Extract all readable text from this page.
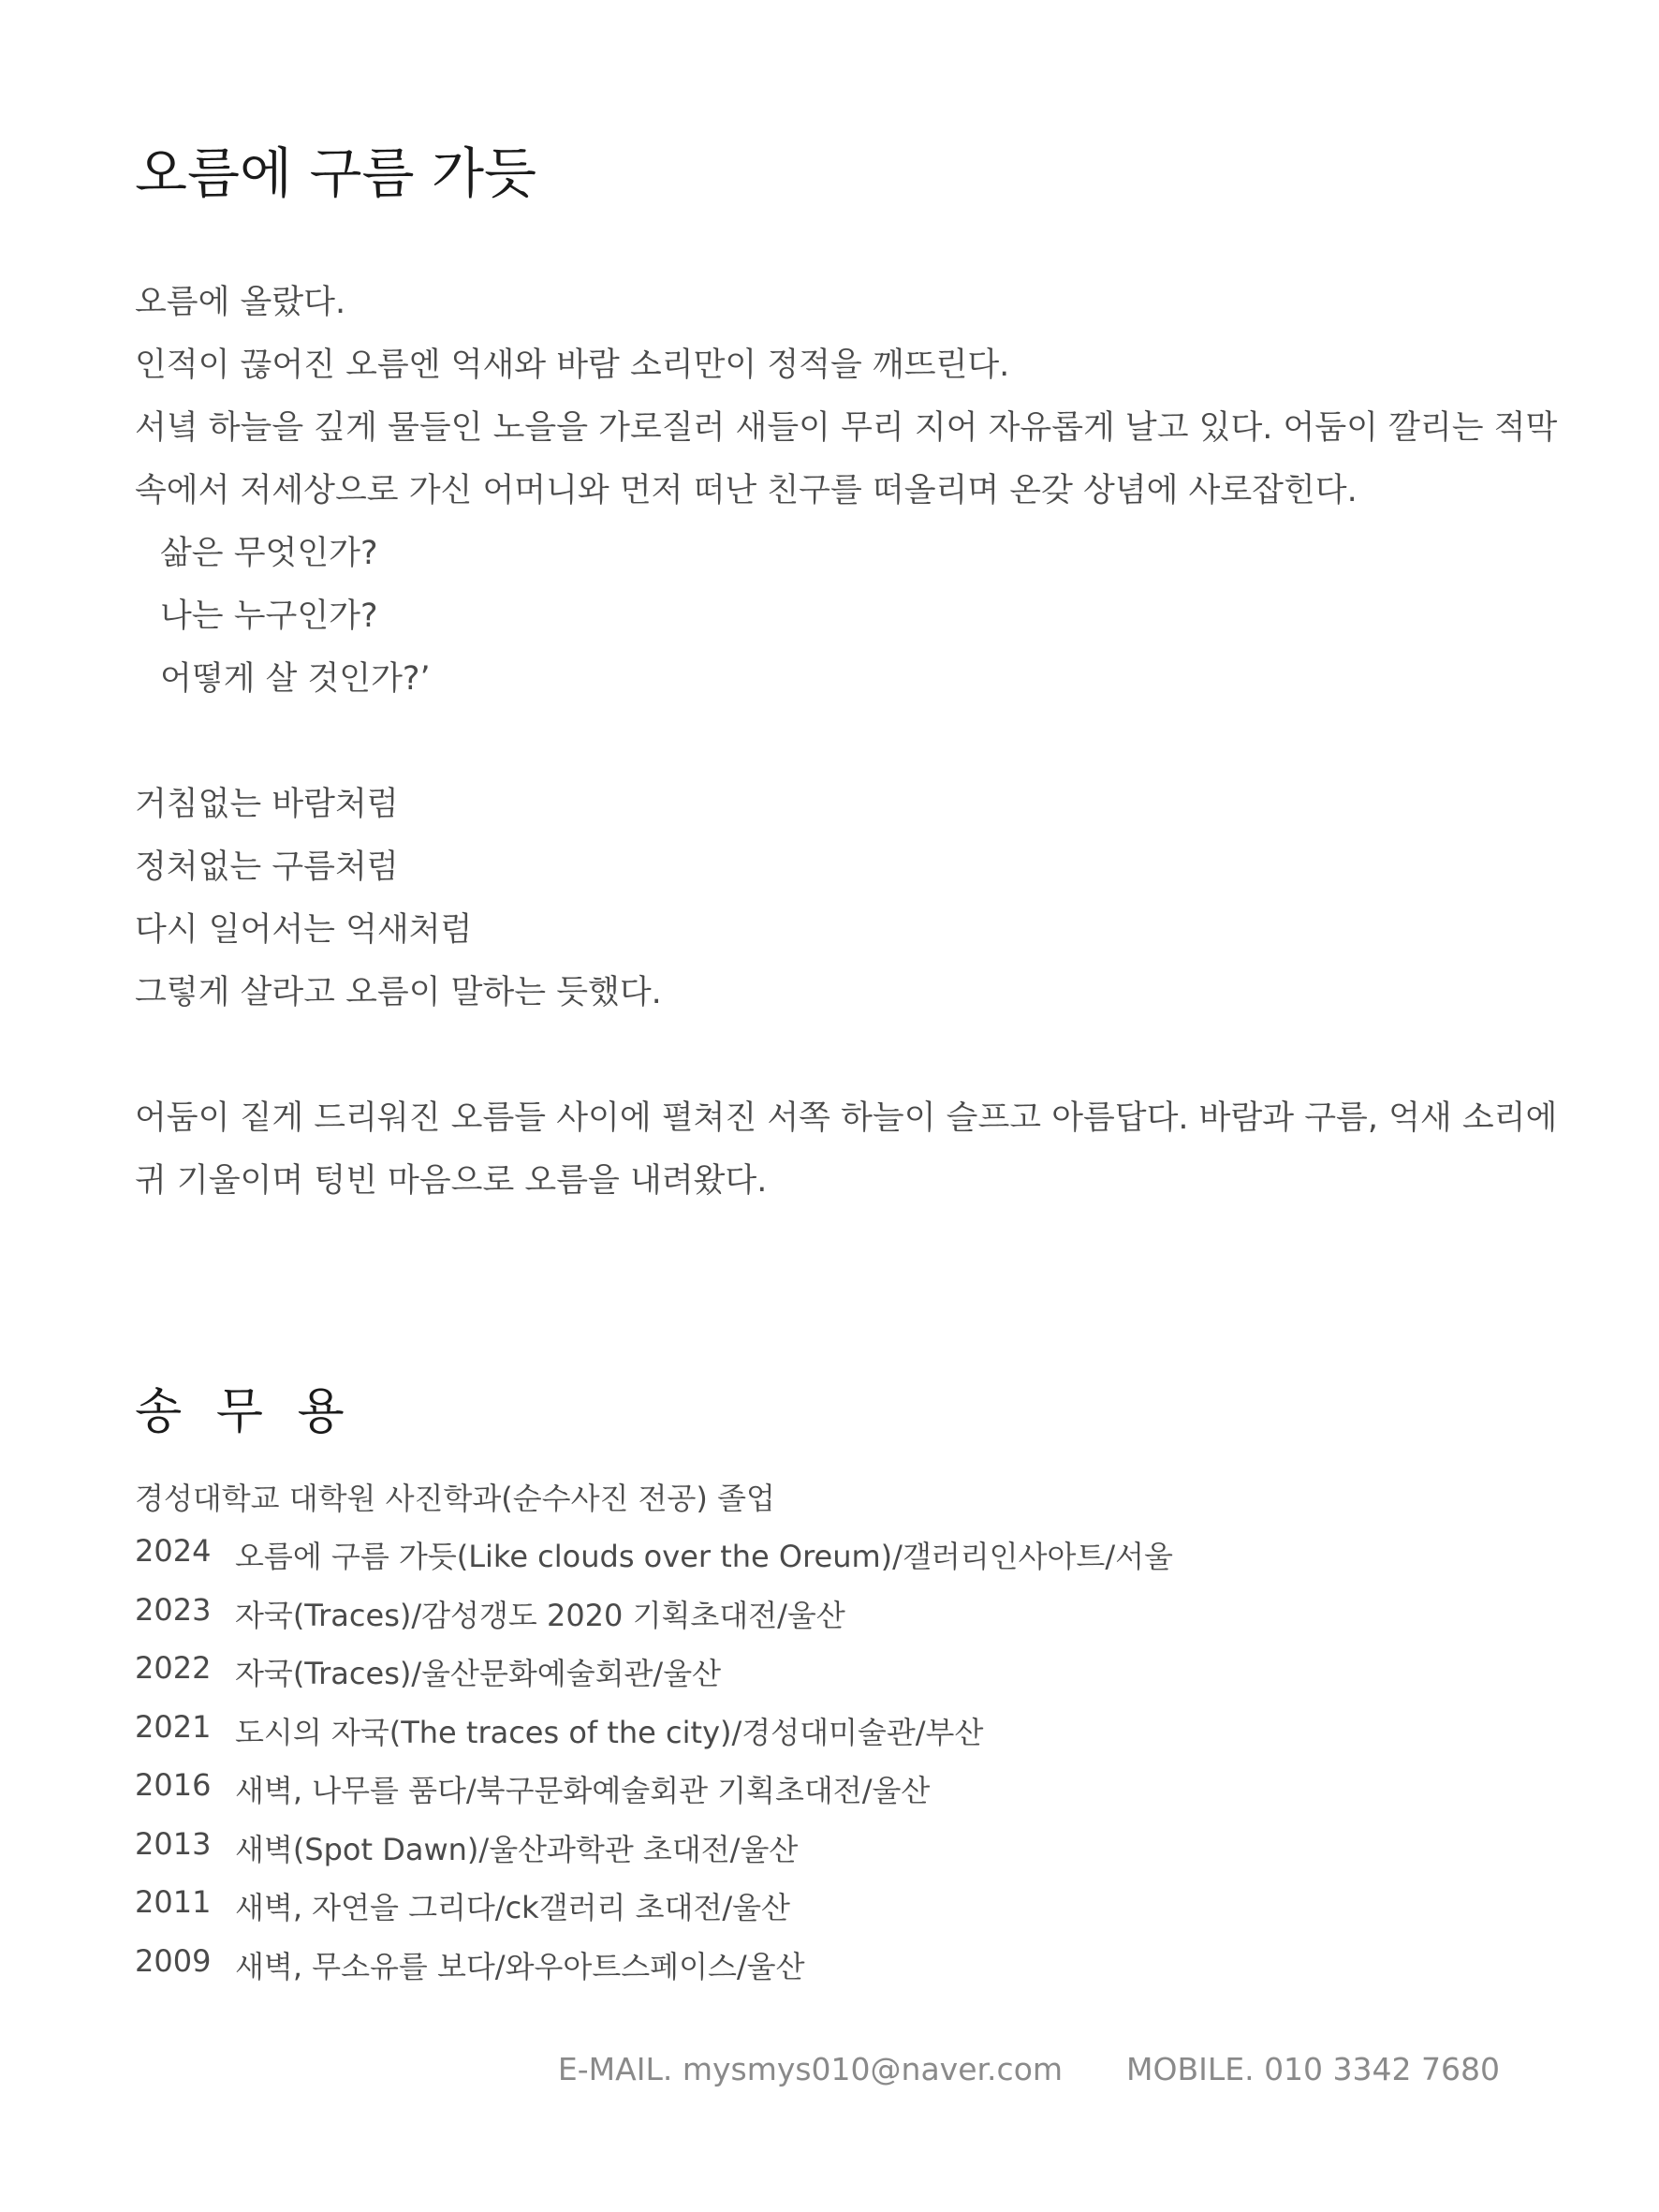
오름에 구름 가듯
오름에 올랐다.
인적이 끊어진 오름엔 억새와 바람 소리만이 정적을 깨뜨린다.
서녘 하늘을 깊게 물들인 노을을 가로질러 새들이 무리 지어 자유롭게 날고 있다. 어둠이 깔리는 적막
속에서 저세상으로 가신 어머니와 먼저 떠난 친구를 떠올리며 온갖 상념에 사로잡힌다.
삶은 무엇인가?
나는 누구인가?
어떻게 살 것인가?’
거침없는 바람처럼
정처없는 구름처럼
다시 일어서는 억새처럼
그렇게 살라고 오름이 말하는 듯했다.
어둠이 짙게 드리워진 오름들 사이에 펼쳐진 서쪽 하늘이 슬프고 아름답다. 바람과 구름, 억새 소리에
귀 기울이며 텅빈 마음으로 오름을 내려왔다.
송 무 용
경성대학교 대학원 사진학과(순수사진 전공) 졸업
2024 오름에 구름 가듯(Like clouds over the Oreum)/갤러리인사아트/서울
2023 자국(Traces)/감성갱도 2020 기획초대전/울산
2022 자국(Traces)/울산문화예술회관/울산
2021 도시의 자국(The traces of the city)/경성대미술관/부산
2016 새벽, 나무를 품다/북구문화예술회관 기획초대전/울산
2013 새벽(Spot Dawn)/울산과학관 초대전/울산
2011 새벽, 자연을 그리다/ck갤러리 초대전/울산
2009 새벽, 무소유를 보다/와우아트스페이스/울산
E-MAIL. mysmys010@naver.com MOBILE. 010 3342 7680
